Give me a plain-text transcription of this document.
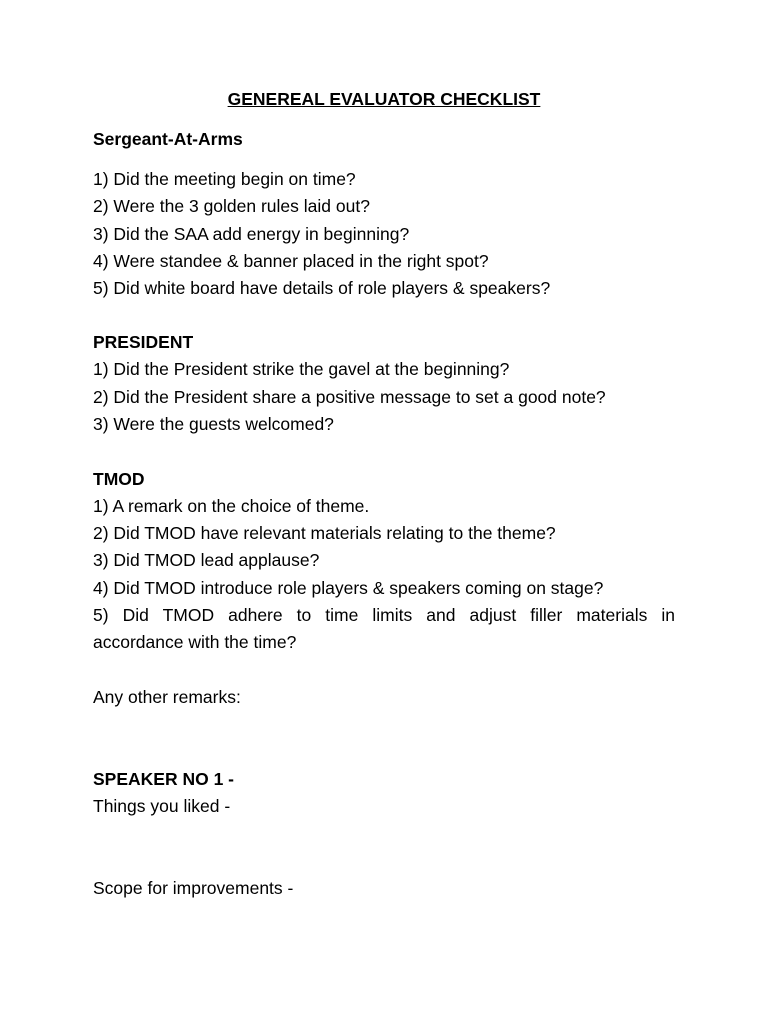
GENEREAL EVALUATOR CHECKLIST
Sergeant-At-Arms
1) Did the meeting begin on time?
2) Were the 3 golden rules laid out?
3) Did the SAA add energy in beginning?
4) Were standee & banner placed in the right spot?
5) Did white board have details of role players & speakers?
PRESIDENT
1) Did the President strike the gavel at the beginning?
2) Did the President share a positive message to set a good note?
3) Were the guests welcomed?
TMOD
1) A remark on the choice of theme.
2) Did TMOD have relevant materials relating to the theme?
3) Did TMOD lead applause?
4) Did TMOD introduce role players & speakers coming on stage?
5) Did TMOD adhere to time limits and adjust filler materials in
accordance with the time?
Any other remarks:
SPEAKER NO 1 -
Things you liked -
Scope for improvements -
